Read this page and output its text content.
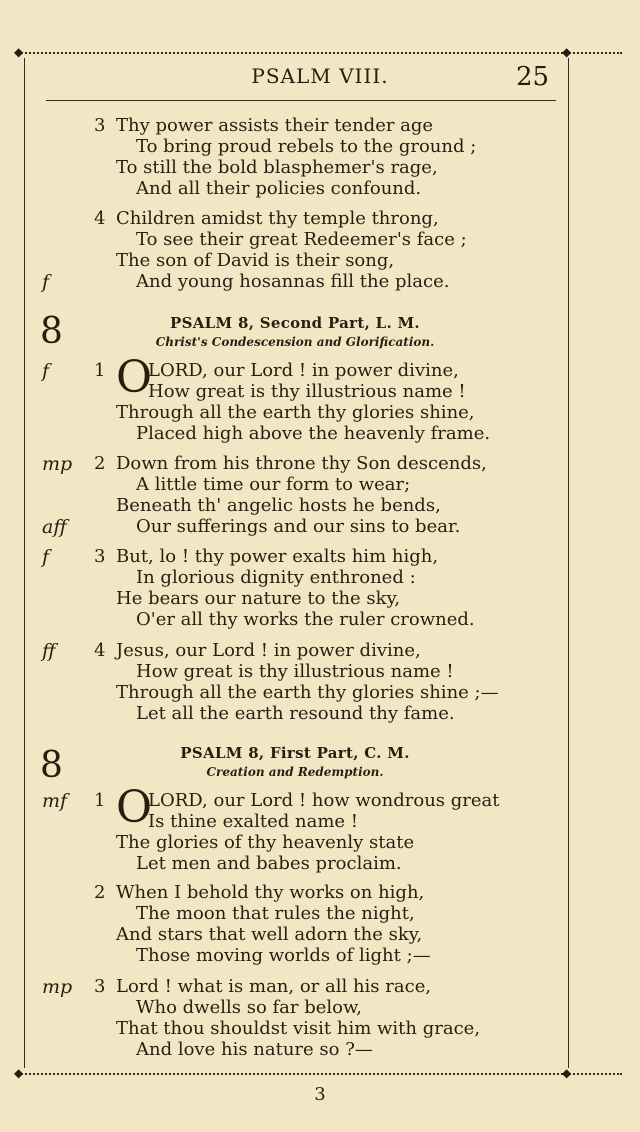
◆	◆
◆	◆
PSALM VIII.	25
3 Thy power assists their tender age
To bring proud rebels to the ground ;
To still the bold blasphemer's rage,
And all their policies confound.
4 Children amidst thy temple throng,
To see their great Redeemer's face ;
The son of David is their song,
f	And young hosannas fill the place.
8	PSALM 8, Second Part, L. M.
Christ's Condescension and Glorification.
f 1 O
LORD, our Lord ! in power divine,
How great is thy illustrious name !
Through all the earth thy glories shine,
Placed high above the heavenly frame.
mp 2 Down from his throne thy Son descends,
A little time our form to wear;
Beneath th' angelic hosts he bends,
aff	Our sufferings and our sins to bear.
f 3 But, lo ! thy power exalts him high,
In glorious dignity enthroned :
He bears our nature to the sky,
O'er all thy works the ruler crowned.
ff 4 Jesus, our Lord ! in power divine,
How great is thy illustrious name !
Through all the earth thy glories shine ;—
Let all the earth resound thy fame.
8	PSALM 8, First Part, C. M.
Creation and Redemption.
mf 1 O
LORD, our Lord ! how wondrous great
Is thine exalted name !
The glories of thy heavenly state
Let men and babes proclaim.
2 When I behold thy works on high,
The moon that rules the night,
And stars that well adorn the sky,
Those moving worlds of light ;—
mp 3 Lord ! what is man, or all his race,
Who dwells so far below,
That thou shouldst visit him with grace,
And love his nature so ?—
3
